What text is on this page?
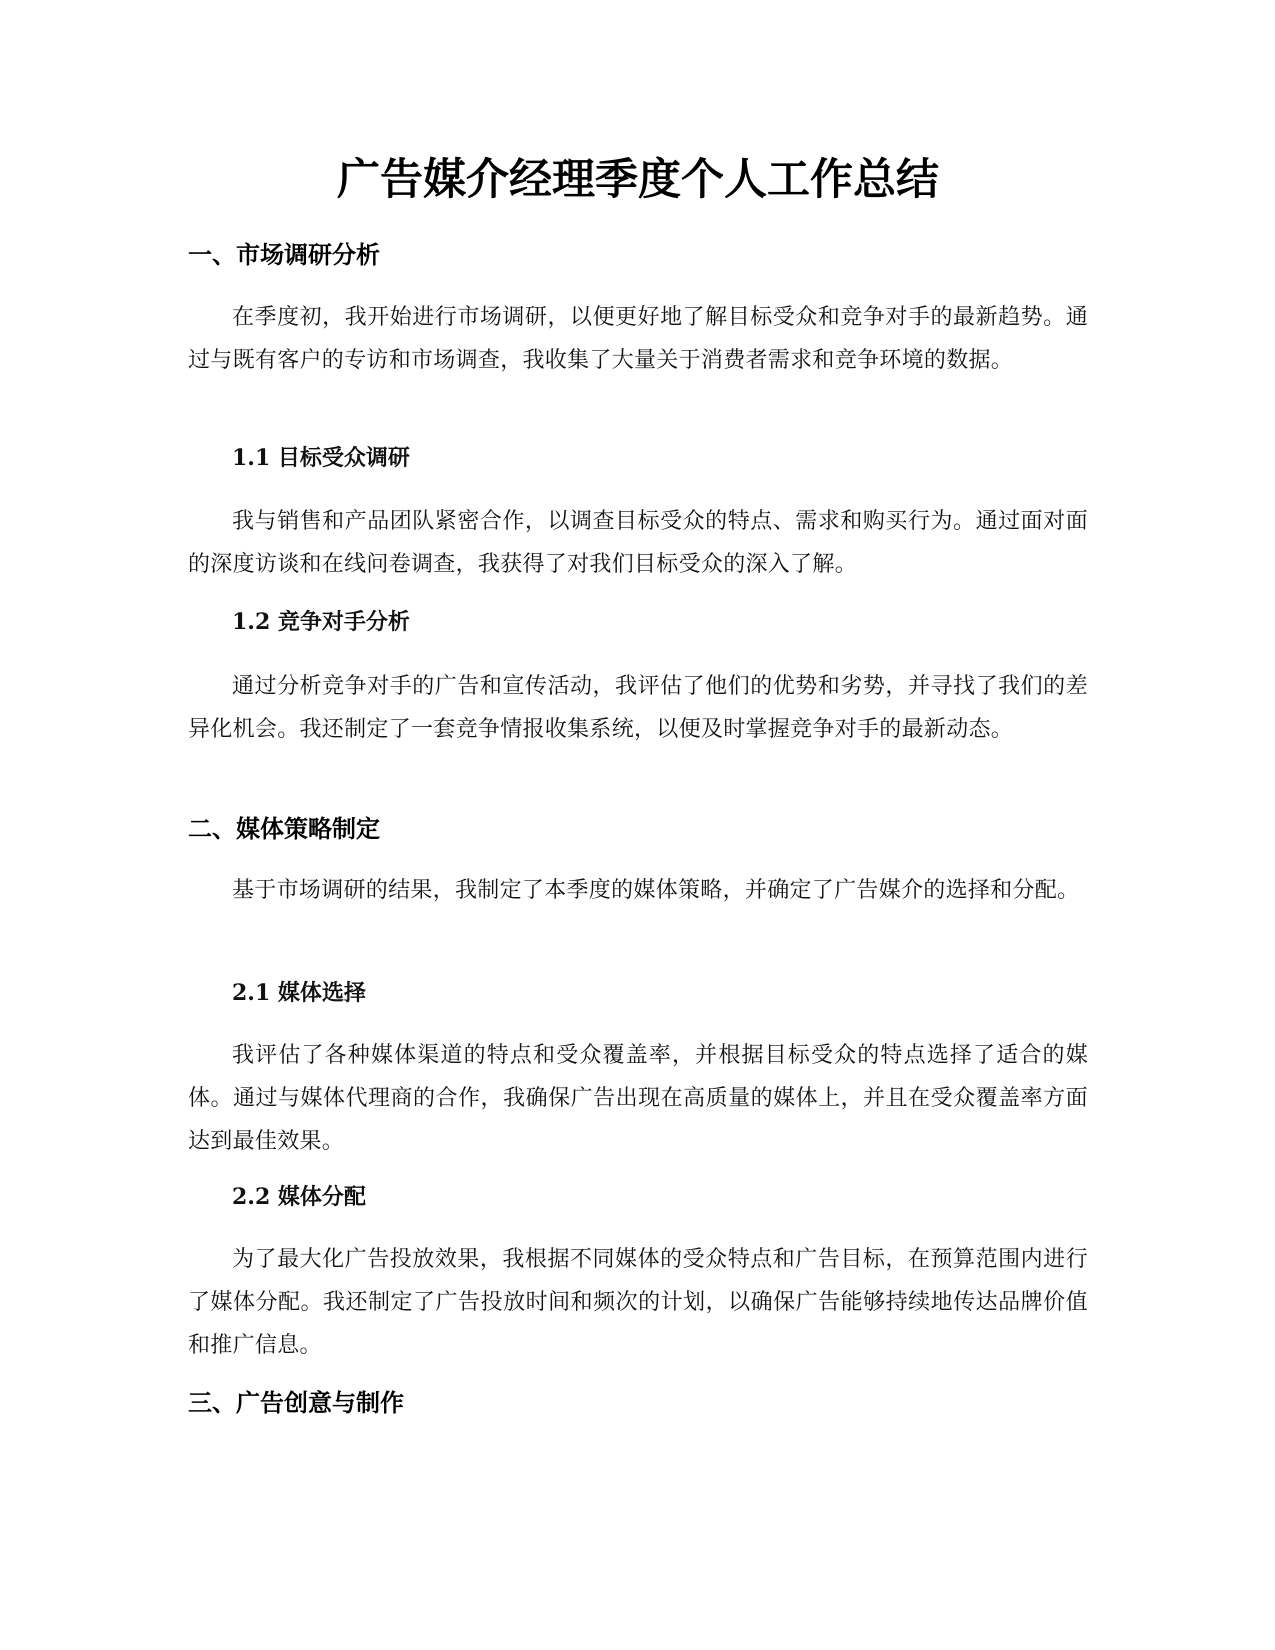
广告媒介经理季度个人工作总结
一、市场调研分析

在季度初，我开始进行市场调研，以便更好地了解目标受众和竞争对手的最新趋势。通过与既有客户的专访和市场调查，我收集了大量关于消费者需求和竞争环境的数据。

1.1 目标受众调研

我与销售和产品团队紧密合作，以调查目标受众的特点、需求和购买行为。通过面对面的深度访谈和在线问卷调查，我获得了对我们目标受众的深入了解。

1.2 竞争对手分析

通过分析竞争对手的广告和宣传活动，我评估了他们的优势和劣势，并寻找了我们的差异化机会。我还制定了一套竞争情报收集系统，以便及时掌握竞争对手的最新动态。

二、媒体策略制定

基于市场调研的结果，我制定了本季度的媒体策略，并确定了广告媒介的选择和分配。

2.1 媒体选择

我评估了各种媒体渠道的特点和受众覆盖率，并根据目标受众的特点选择了适合的媒体。通过与媒体代理商的合作，我确保广告出现在高质量的媒体上，并且在受众覆盖率方面达到最佳效果。

2.2 媒体分配

为了最大化广告投放效果，我根据不同媒体的受众特点和广告目标，在预算范围内进行了媒体分配。我还制定了广告投放时间和频次的计划，以确保广告能够持续地传达品牌价值和推广信息。

三、广告创意与制作
